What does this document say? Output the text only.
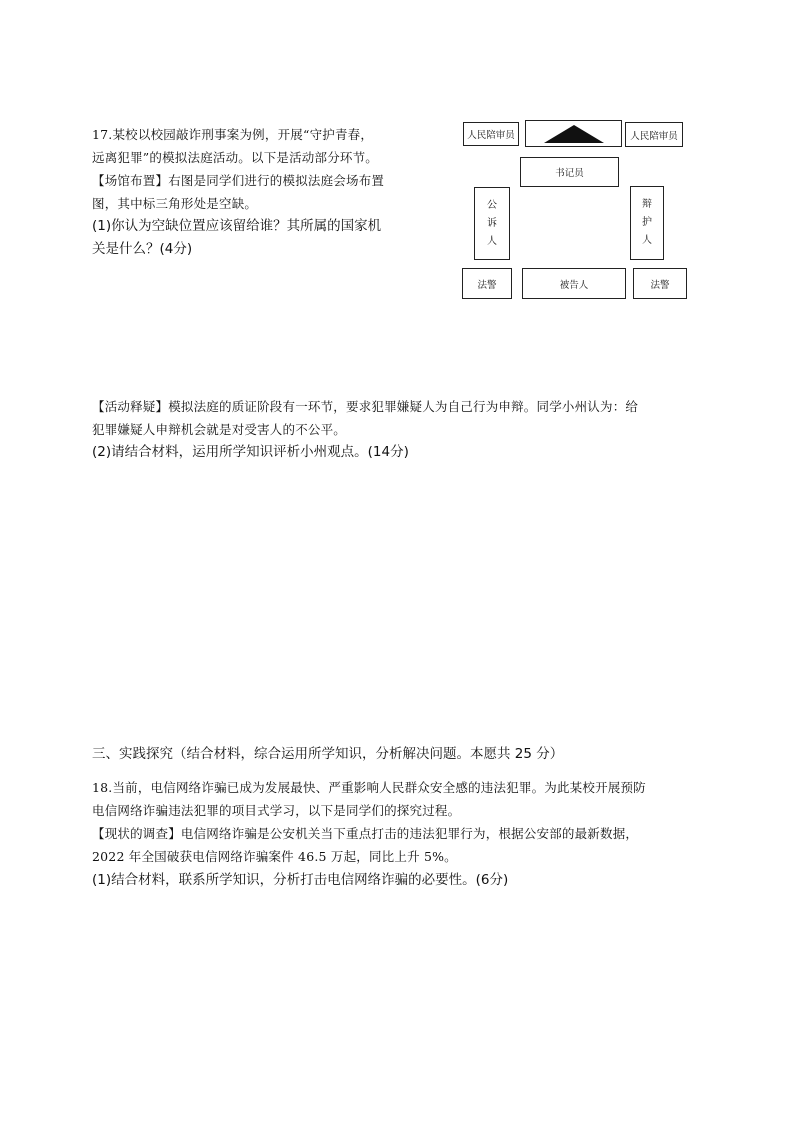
17.某校以校园敲诈刑事案为例，开展“守护青春，
远离犯罪”的模拟法庭活动。以下是活动部分环节。
【场馆布置】右图是同学们进行的模拟法庭会场布置
图，其中标三角形处是空缺。
(1)你认为空缺位置应该留给谁？其所属的国家机
关是什么？(4分)
人民陪审员	人民陪审员
书记员
公
诉
人
辩
护
人
法警	被告人	法警
【活动释疑】模拟法庭的质证阶段有一环节，要求犯罪嫌疑人为自己行为申辩。同学小州认为：给
犯罪嫌疑人申辩机会就是对受害人的不公平。
(2)请结合材料，运用所学知识评析小州观点。(14分)
三、实践探究（结合材料，综合运用所学知识，分析解决问题。本愿共 25 分）
18.当前，电信网络诈骗已成为发展最快、严重影响人民群众安全感的违法犯罪。为此某校开展预防
电信网络诈骗违法犯罪的项目式学习，以下是同学们的探究过程。
【现状的调查】电信网络诈骗是公安机关当下重点打击的违法犯罪行为，根据公安部的最新数据，
2022 年全国破获电信网络诈骗案件 46.5 万起，同比上升 5%。
(1)结合材料，联系所学知识，分析打击电信网络诈骗的必要性。(6分)
